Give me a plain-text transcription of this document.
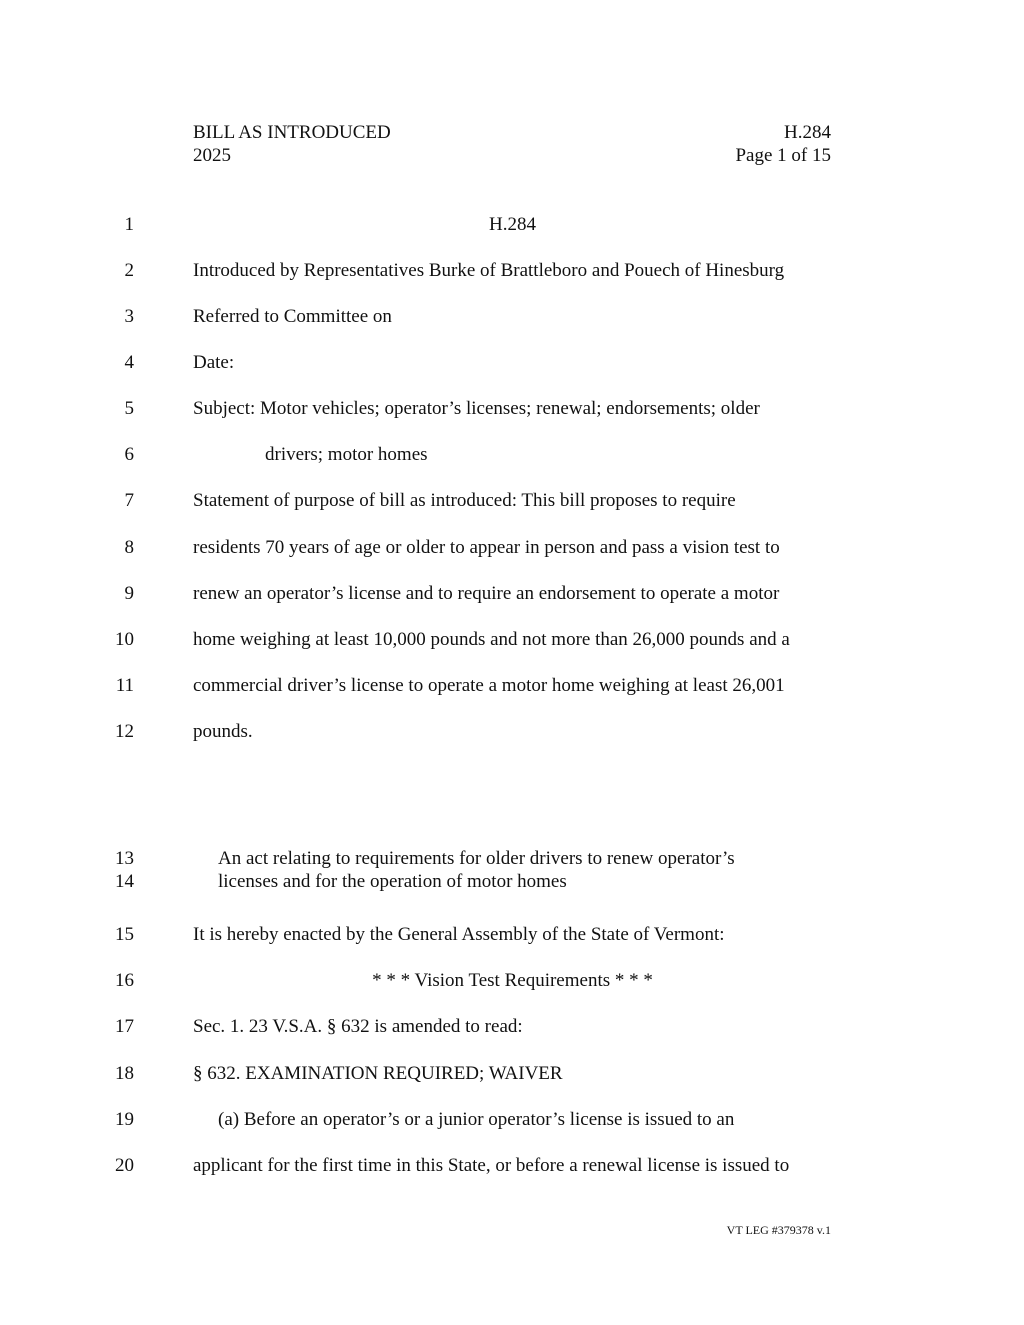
BILL AS INTRODUCED	H.284
2025	Page 1 of 15
1	H.284
2	Introduced by Representatives Burke of Brattleboro and Pouech of Hinesburg
3	Referred to Committee on
4	Date:
5	Subject: Motor vehicles; operator’s licenses; renewal; endorsements; older
6	drivers; motor homes
7	Statement of purpose of bill as introduced: This bill proposes to require
8	residents 70 years of age or older to appear in person and pass a vision test to
9	renew an operator’s license and to require an endorsement to operate a motor
10	home weighing at least 10,000 pounds and not more than 26,000 pounds and a
11	commercial driver’s license to operate a motor home weighing at least 26,001
12	pounds.
13	An act relating to requirements for older drivers to renew operator’s
14	licenses and for the operation of motor homes
15	It is hereby enacted by the General Assembly of the State of Vermont:
16	* * * Vision Test Requirements * * *
17	Sec. 1. 23 V.S.A. § 632 is amended to read:
18	§ 632. EXAMINATION REQUIRED; WAIVER
19	(a) Before an operator’s or a junior operator’s license is issued to an
20	applicant for the first time in this State, or before a renewal license is issued to
VT LEG #379378 v.1
